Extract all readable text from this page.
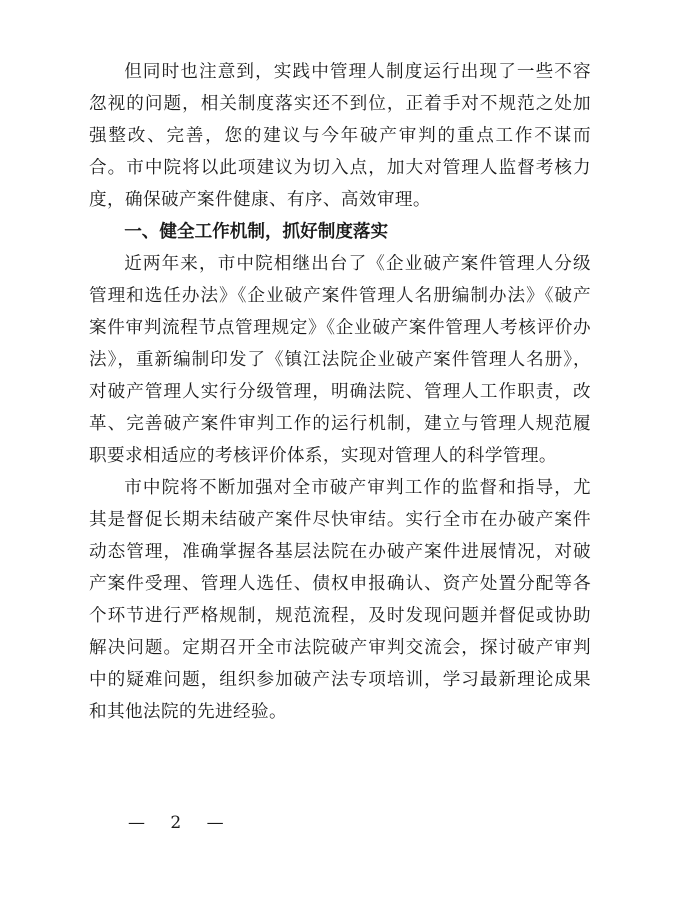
但同时也注意到，实践中管理人制度运行出现了一些不容忽视的问题，相关制度落实还不到位，正着手对不规范之处加强整改、完善，您的建议与今年破产审判的重点工作不谋而合。市中院将以此项建议为切入点，加大对管理人监督考核力度，确保破产案件健康、有序、高效审理。

一、健全工作机制，抓好制度落实

近两年来，市中院相继出台了《企业破产案件管理人分级管理和选任办法》《企业破产案件管理人名册编制办法》《破产案件审判流程节点管理规定》《企业破产案件管理人考核评价办法》，重新编制印发了《镇江法院企业破产案件管理人名册》，对破产管理人实行分级管理，明确法院、管理人工作职责，改革、完善破产案件审判工作的运行机制，建立与管理人规范履职要求相适应的考核评价体系，实现对管理人的科学管理。

市中院将不断加强对全市破产审判工作的监督和指导，尤其是督促长期未结破产案件尽快审结。实行全市在办破产案件动态管理，准确掌握各基层法院在办破产案件进展情况，对破产案件受理、管理人选任、债权申报确认、资产处置分配等各个环节进行严格规制，规范流程，及时发现问题并督促或协助解决问题。定期召开全市法院破产审判交流会，探讨破产审判中的疑难问题，组织参加破产法专项培训，学习最新理论成果和其他法院的先进经验。

— 2 —
